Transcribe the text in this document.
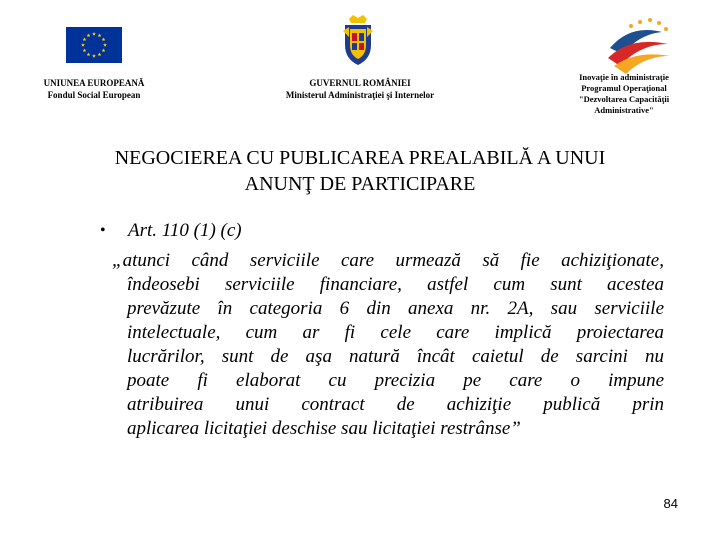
UNIUNEA EUROPEANĂ
Fondul Social European
GUVERNUL ROMÂNIEI
Ministerul Administraţiei şi Internelor
Inovaţie în administraţie
Programul Operaţional
"Dezvoltarea Capacităţii
Administrative"
NEGOCIEREA CU PUBLICAREA PREALABILĂ A UNUI
ANUNŢ DE PARTICIPARE
• Art. 110 (1) (c)
„atunci când serviciile care urmează să fie achiziţionate,
îndeosebi serviciile financiare, astfel cum sunt acestea
prevăzute în categoria 6 din anexa nr. 2A, sau serviciile
intelectuale, cum ar fi cele care implică proiectarea
lucrărilor, sunt de aşa natură încât caietul de sarcini nu
poate fi elaborat cu precizia pe care o impune
atribuirea unui contract de achiziţie publică prin
aplicarea licitaţiei deschise sau licitaţiei restrânse”
84
